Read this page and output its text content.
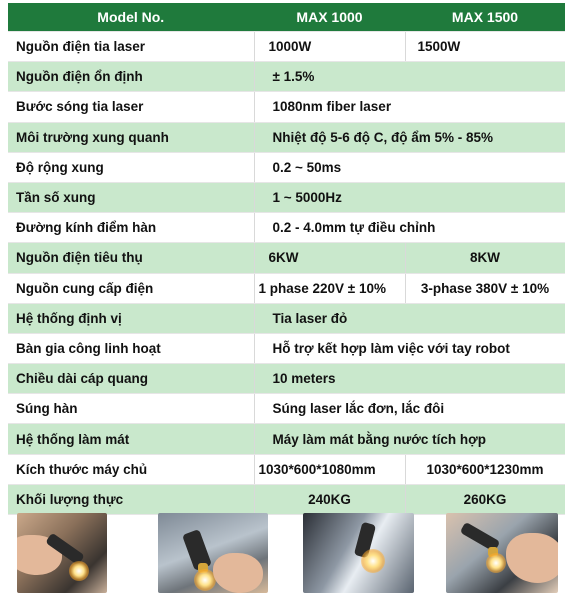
Model No.	MAX 1000	MAX 1500
Nguồn điện tia laser	1000W	1500W
Nguồn điện ổn định	± 1.5%	
Bước sóng tia laser	1080nm fiber laser	
Môi trường xung quanh	Nhiệt độ 5-6 độ C, độ ẩm 5% - 85%	
Độ rộng xung	0.2 ~ 50ms	
Tần số xung	1 ~ 5000Hz	
Đường kính điểm hàn	0.2 - 4.0mm tự điều chỉnh	
Nguồn điện tiêu thụ	6KW	8KW
Nguồn cung cấp điện	1 phase 220V ± 10%	3-phase 380V ± 10%
Hệ thống định vị	Tia laser đỏ	
Bàn gia công linh hoạt	Hỗ trợ kết hợp làm việc với tay robot	
Chiều dài cáp quang	10 meters	
Súng hàn	Súng laser lắc đơn, lắc đôi	
Hệ thống làm mát	Máy làm mát bằng nước tích hợp	
Kích thước máy chủ	1030*600*1080mm	1030*600*1230mm
Khối lượng thực	240KG	260KG
